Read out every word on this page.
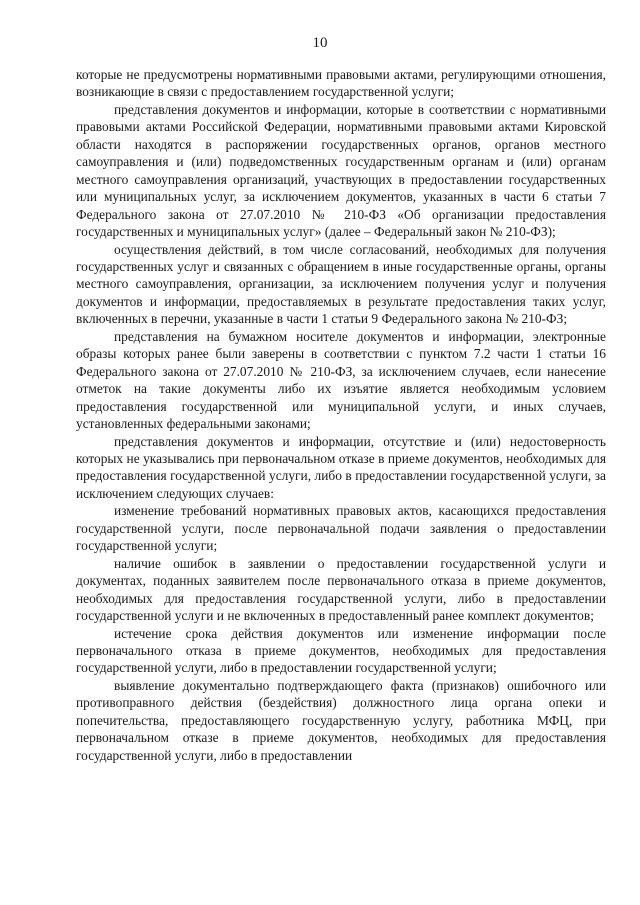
10

которые не предусмотрены нормативными правовыми актами, регулирующими отношения, возникающие в связи с предоставлением государственной услуги;

представления документов и информации, которые в соответствии с нормативными правовыми актами Российской Федерации, нормативными правовыми актами Кировской области находятся в распоряжении государственных органов, органов местного самоуправления и (или) подведомственных государственным органам и (или) органам местного самоуправления организаций, участвующих в предоставлении государственных или муниципальных услуг, за исключением документов, указанных в части 6 статьи 7 Федерального закона от 27.07.2010 № 210-ФЗ «Об организации предоставления государственных и муниципальных услуг» (далее – Федеральный закон № 210-ФЗ);

осуществления действий, в том числе согласований, необходимых для получения государственных услуг и связанных с обращением в иные государственные органы, органы местного самоуправления, организации, за исключением получения услуг и получения документов и информации, предоставляемых в результате предоставления таких услуг, включенных в перечни, указанные в части 1 статьи 9 Федерального закона № 210-ФЗ;

представления на бумажном носителе документов и информации, электронные образы которых ранее были заверены в соответствии с пунктом 7.2 части 1 статьи 16 Федерального закона от 27.07.2010 № 210-ФЗ, за исключением случаев, если нанесение отметок на такие документы либо их изъятие является необходимым условием предоставления государственной или муниципальной услуги, и иных случаев, установленных федеральными законами;

представления документов и информации, отсутствие и (или) недостоверность которых не указывались при первоначальном отказе в приеме документов, необходимых для предоставления государственной услуги, либо в предоставлении государственной услуги, за исключением следующих случаев:

изменение требований нормативных правовых актов, касающихся предоставления государственной услуги, после первоначальной подачи заявления о предоставлении государственной услуги;

наличие ошибок в заявлении о предоставлении государственной услуги и документах, поданных заявителем после первоначального отказа в приеме документов, необходимых для предоставления государственной услуги, либо в предоставлении государственной услуги и не включенных в предоставленный ранее комплект документов;

истечение срока действия документов или изменение информации после первоначального отказа в приеме документов, необходимых для предоставления государственной услуги, либо в предоставлении государственной услуги;

выявление документально подтверждающего факта (признаков) ошибочного или противоправного действия (бездействия) должностного лица органа опеки и попечительства, предоставляющего государственную услугу, работника МФЦ, при первоначальном отказе в приеме документов, необходимых для предоставления государственной услуги, либо в предоставлении
